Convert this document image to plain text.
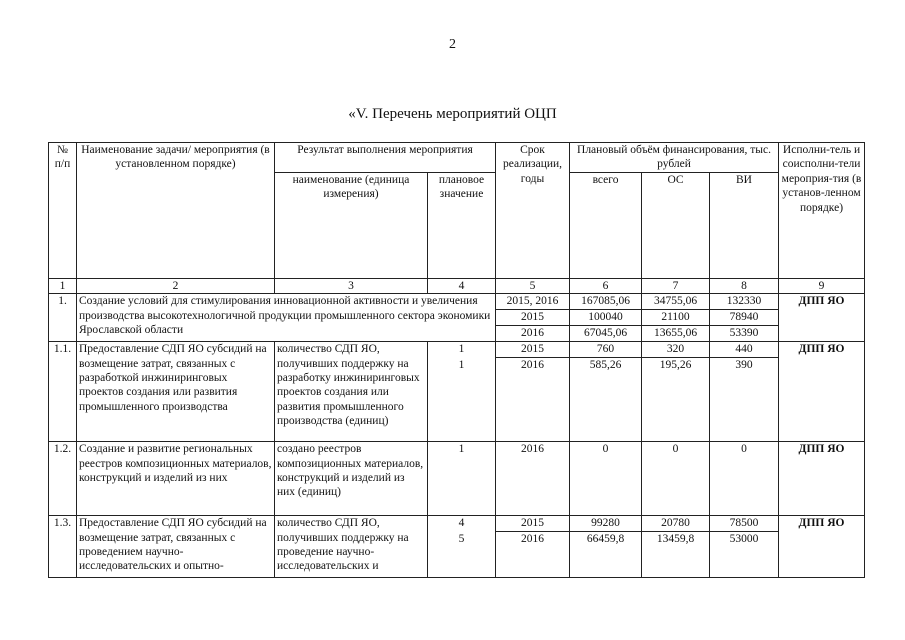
2
«V. Перечень мероприятий ОЦП
№ п/п	Наименование задачи/ мероприятия (в установленном порядке)	Результат выполнения мероприятия		Срок реализации, годы	Плановый объём финансирования, тыс. рублей			Исполни-тель и соисполни-тели мероприя-тия (в установ-ленном порядке)
		наименование (единица измерения)	плановое значение		всего	ОС	ВИ	
1	2	3	4	5	6	7	8	9
1.	Создание условий для стимулирования инновационной активности и увеличения производства высокотехнологичной продукции промышленного сектора экономики Ярославской области			2015, 2016	167085,06	34755,06	132330	ДПП ЯО
				2015	100040	21100	78940	
				2016	67045,06	13655,06	53390	
1.1.	Предоставление СДП ЯО субсидий на возмещение затрат, связанных с разработкой инжиниринговых проектов создания или развития промышленного производства	количество СДП ЯО, получивших поддержку на разработку инжиниринговых проектов создания или развития промышленного производства (единиц)	1	2015	760	320	440	ДПП ЯО
			1	2016	585,26	195,26	390	
1.2.	Создание и развитие региональных реестров композиционных материалов, конструкций и изделий из них	создано реестров композиционных материалов, конструкций и изделий из них (единиц)	1	2016	0	0	0	ДПП ЯО
1.3.	Предоставление СДП ЯО субсидий на возмещение затрат, связанных с проведением научно-исследовательских и опытно-	количество СДП ЯО, получивших поддержку на проведение научно-исследовательских и	4	2015	99280	20780	78500	ДПП ЯО
			5	2016	66459,8	13459,8	53000	
